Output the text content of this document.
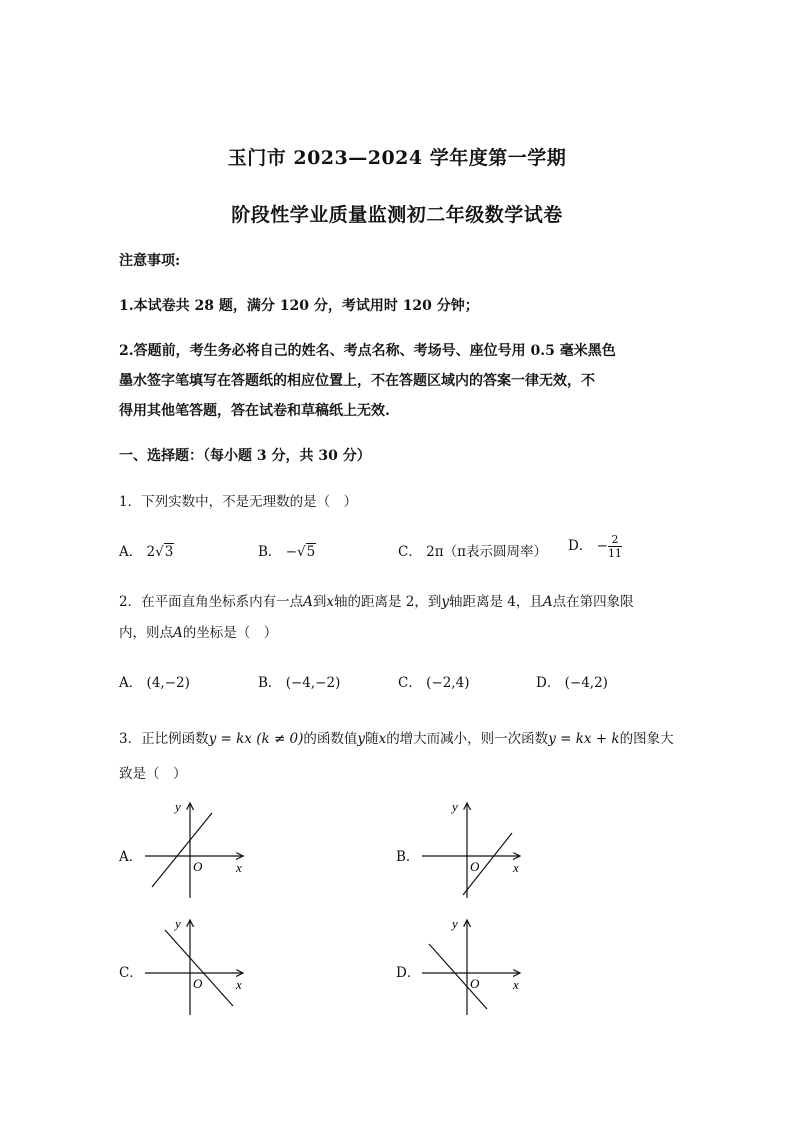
玉门市 2023—2024 学年度第一学期
阶段性学业质量监测初二年级数学试卷
注意事项:
1.本试卷共 28 题，满分 120 分，考试用时 120 分钟；
2.答题前，考生务必将自己的姓名、考点名称、考场号、座位号用 0.5 毫米黑色
墨水签字笔填写在答题纸的相应位置上，不在答题区域内的答案一律无效，不
得用其他笔答题，答在试卷和草稿纸上无效.
一、选择题：（每小题 3 分，共 30 分）
1．下列实数中，不是无理数的是（　）
A． 2√3	B． −√5	C． 2π（π表示圆周率） D． − $\frac{2}{11}$
2．在平面直角坐标系内有一点A到x轴的距离是 2，到y轴距离是 4，且A点在第四象限
内，则点A的坐标是（　）
A． (4,−2)	B． (−4,−2)	C． (−2,4)	D． (−4,2)
3．正比例函数y = kx (k ≠ 0)的函数值y随x的增大而减小，则一次函数y = kx + k的图象大
致是（　）
A．	B．
C．	D．
y
x
O
y
x
O
y
x
O
y
x
O
